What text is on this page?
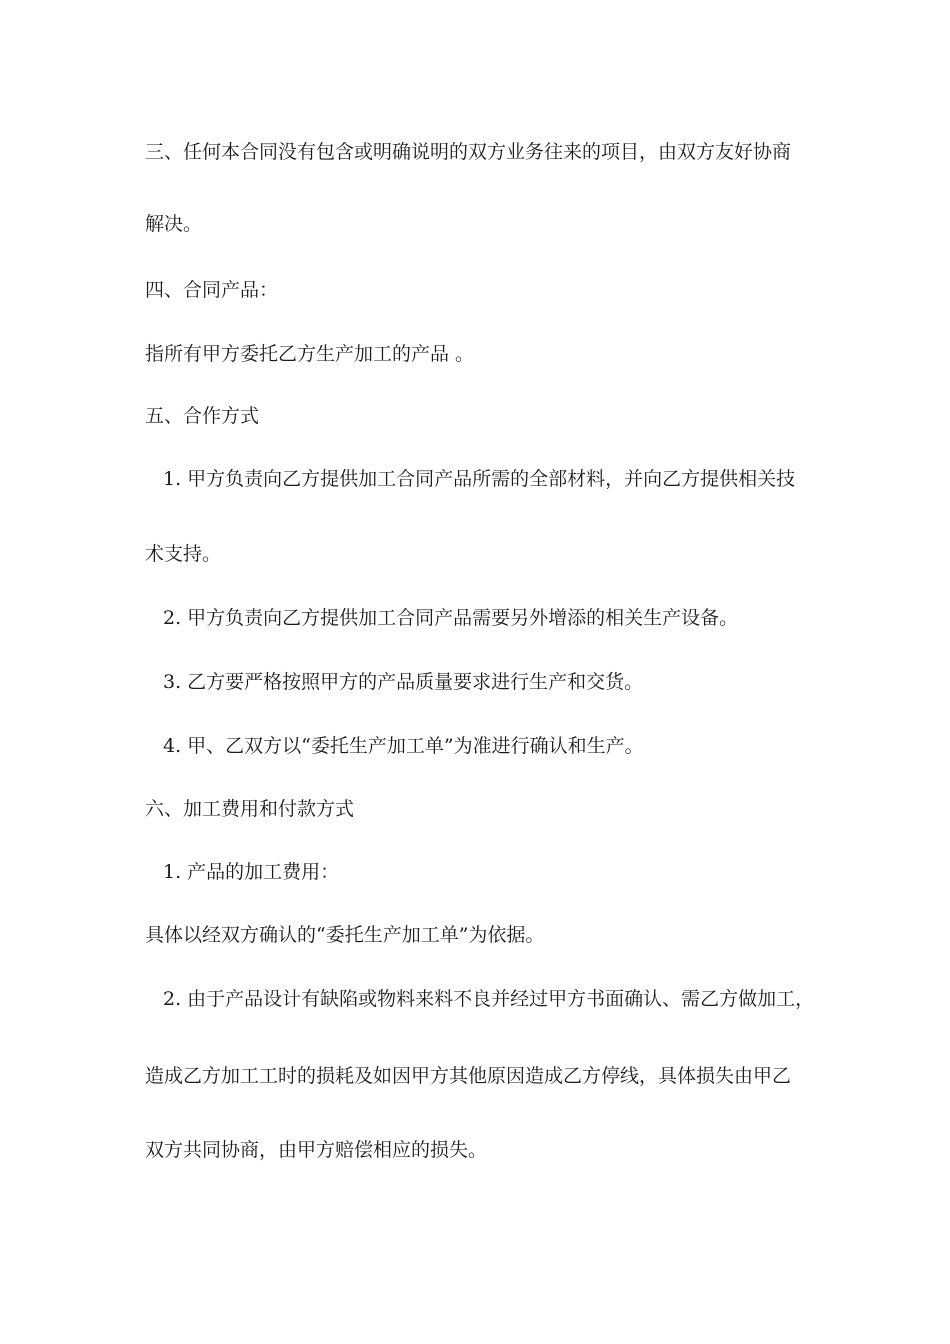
三、任何本合同没有包含或明确说明的双方业务往来的项目，由双方友好协商
解决。
四、合同产品：
指所有甲方委托乙方生产加工的产品 。
五、合作方式
1. 甲方负责向乙方提供加工合同产品所需的全部材料，并向乙方提供相关技
术支持。
2. 甲方负责向乙方提供加工合同产品需要另外增添的相关生产设备。
3. 乙方要严格按照甲方的产品质量要求进行生产和交货。
4. 甲、乙双方以“委托生产加工单”为准进行确认和生产。
六、加工费用和付款方式
1. 产品的加工费用：
具体以经双方确认的“委托生产加工单”为依据。
2. 由于产品设计有缺陷或物料来料不良并经过甲方书面确认、需乙方做加工，
造成乙方加工工时的损耗及如因甲方其他原因造成乙方停线，具体损失由甲乙
双方共同协商，由甲方赔偿相应的损失。
